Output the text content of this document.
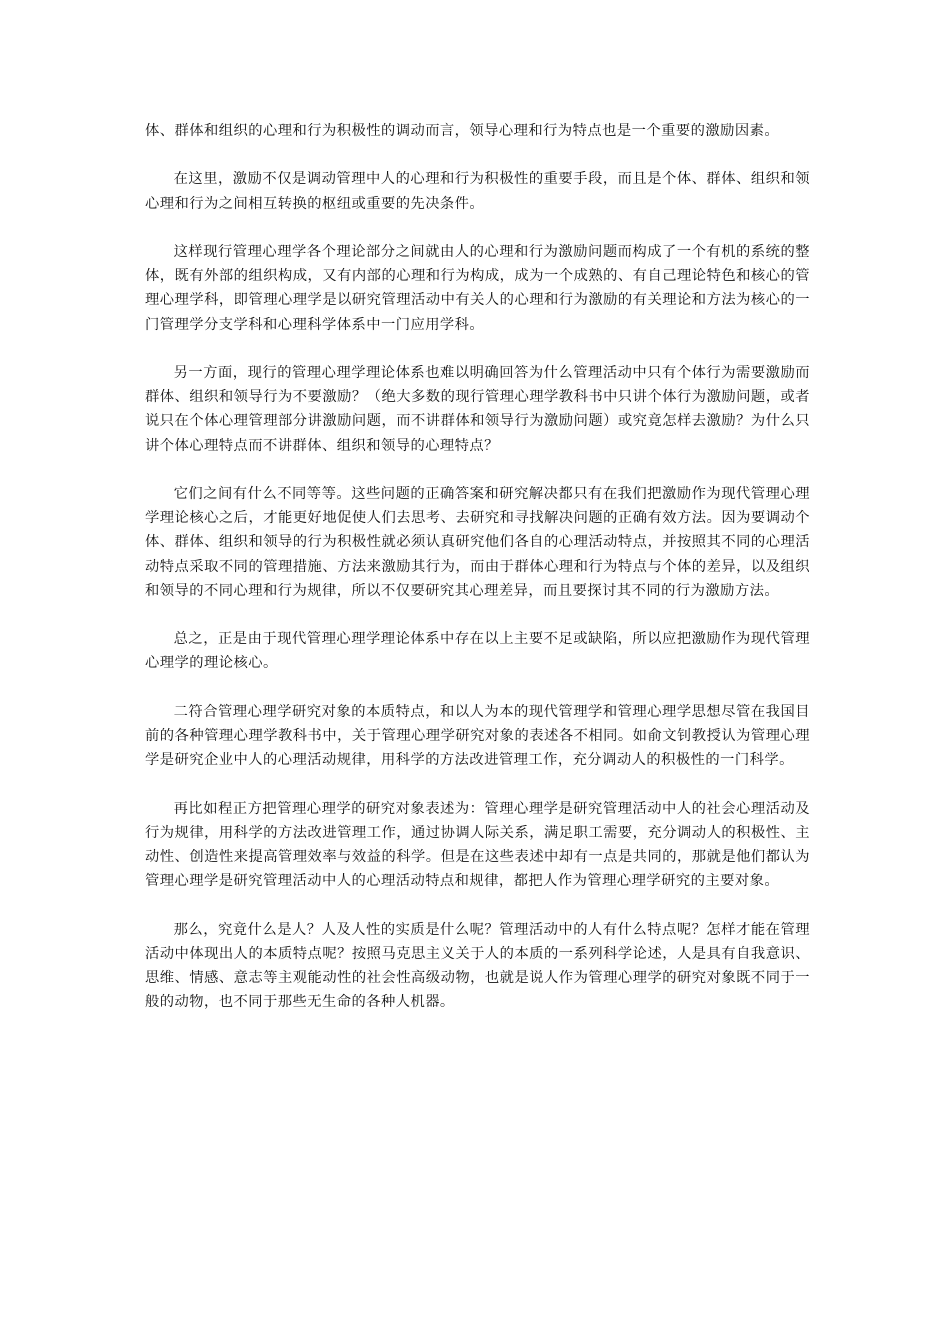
体、群体和组织的心理和行为积极性的调动而言，领导心理和行为特点也是一个重要的激励因素。

在这里，激励不仅是调动管理中人的心理和行为积极性的重要手段，而且是个体、群体、组织和领心理和行为之间相互转换的枢纽或重要的先决条件。

这样现行管理心理学各个理论部分之间就由人的心理和行为激励问题而构成了一个有机的系统的整体，既有外部的组织构成，又有内部的心理和行为构成，成为一个成熟的、有自己理论特色和核心的管理心理学科，即管理心理学是以研究管理活动中有关人的心理和行为激励的有关理论和方法为核心的一门管理学分支学科和心理科学体系中一门应用学科。

另一方面，现行的管理心理学理论体系也难以明确回答为什么管理活动中只有个体行为需要激励而群体、组织和领导行为不要激励？（绝大多数的现行管理心理学教科书中只讲个体行为激励问题，或者说只在个体心理管理部分讲激励问题，而不讲群体和领导行为激励问题）或究竟怎样去激励？为什么只讲个体心理特点而不讲群体、组织和领导的心理特点？

它们之间有什么不同等等。这些问题的正确答案和研究解决都只有在我们把激励作为现代管理心理学理论核心之后，才能更好地促使人们去思考、去研究和寻找解决问题的正确有效方法。因为要调动个体、群体、组织和领导的行为积极性就必须认真研究他们各自的心理活动特点，并按照其不同的心理活动特点采取不同的管理措施、方法来激励其行为，而由于群体心理和行为特点与个体的差异，以及组织和领导的不同心理和行为规律，所以不仅要研究其心理差异，而且要探讨其不同的行为激励方法。

总之，正是由于现代管理心理学理论体系中存在以上主要不足或缺陷，所以应把激励作为现代管理心理学的理论核心。

二符合管理心理学研究对象的本质特点，和以人为本的现代管理学和管理心理学思想尽管在我国目前的各种管理心理学教科书中，关于管理心理学研究对象的表述各不相同。如俞文钊教授认为管理心理学是研究企业中人的心理活动规律，用科学的方法改进管理工作，充分调动人的积极性的一门科学。

再比如程正方把管理心理学的研究对象表述为：管理心理学是研究管理活动中人的社会心理活动及行为规律，用科学的方法改进管理工作，通过协调人际关系，满足职工需要，充分调动人的积极性、主动性、创造性来提高管理效率与效益的科学。但是在这些表述中却有一点是共同的，那就是他们都认为管理心理学是研究管理活动中人的心理活动特点和规律，都把人作为管理心理学研究的主要对象。

那么，究竟什么是人？人及人性的实质是什么呢？管理活动中的人有什么特点呢？怎样才能在管理活动中体现出人的本质特点呢？按照马克思主义关于人的本质的一系列科学论述，人是具有自我意识、思维、情感、意志等主观能动性的社会性高级动物，也就是说人作为管理心理学的研究对象既不同于一般的动物，也不同于那些无生命的各种人机器。
